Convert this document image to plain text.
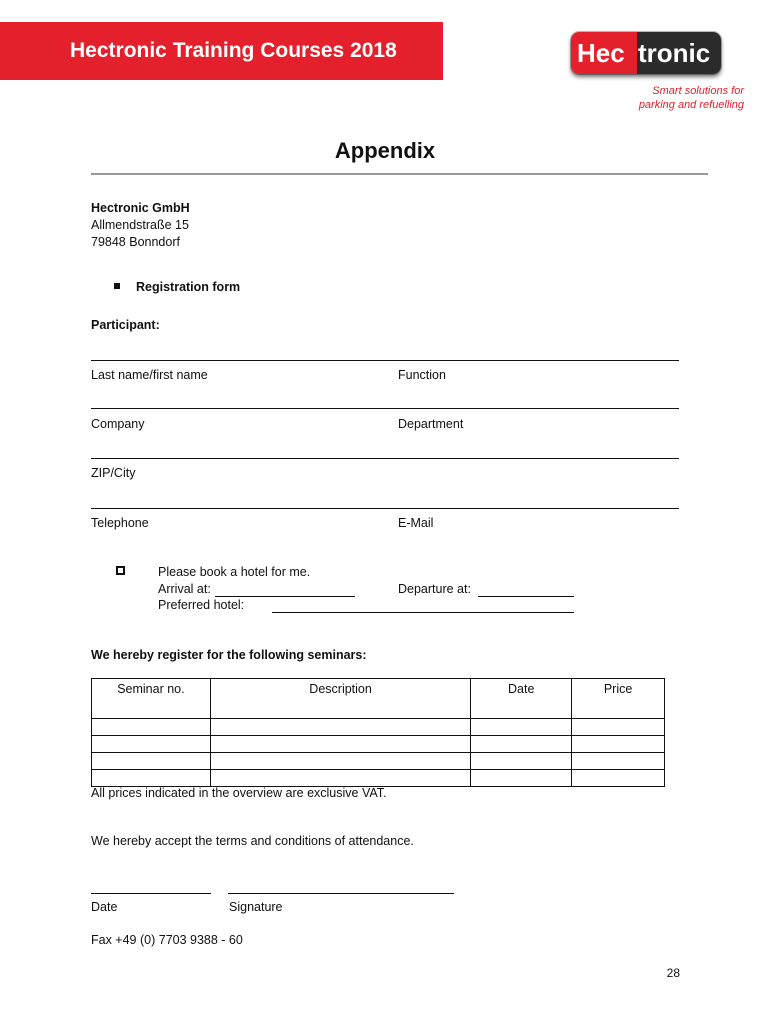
Hectronic Training Courses 2018	Hec tronic
Smart solutions for
parking and refuelling
Appendix
Hectronic GmbH
Allmendstraße 15
79848 Bonndorf
Registration form
Participant:
Last name/first name	Function
Company	Department
ZIP/City
Telephone	E-Mail
Please book a hotel for me.
Arrival at:	Departure at:
Preferred hotel:
We hereby register for the following seminars:
Seminar no.	Description	Date	Price

All prices indicated in the overview are exclusive VAT.
We hereby accept the terms and conditions of attendance.
Date	Signature
Fax +49 (0) 7703 9388 - 60
28
